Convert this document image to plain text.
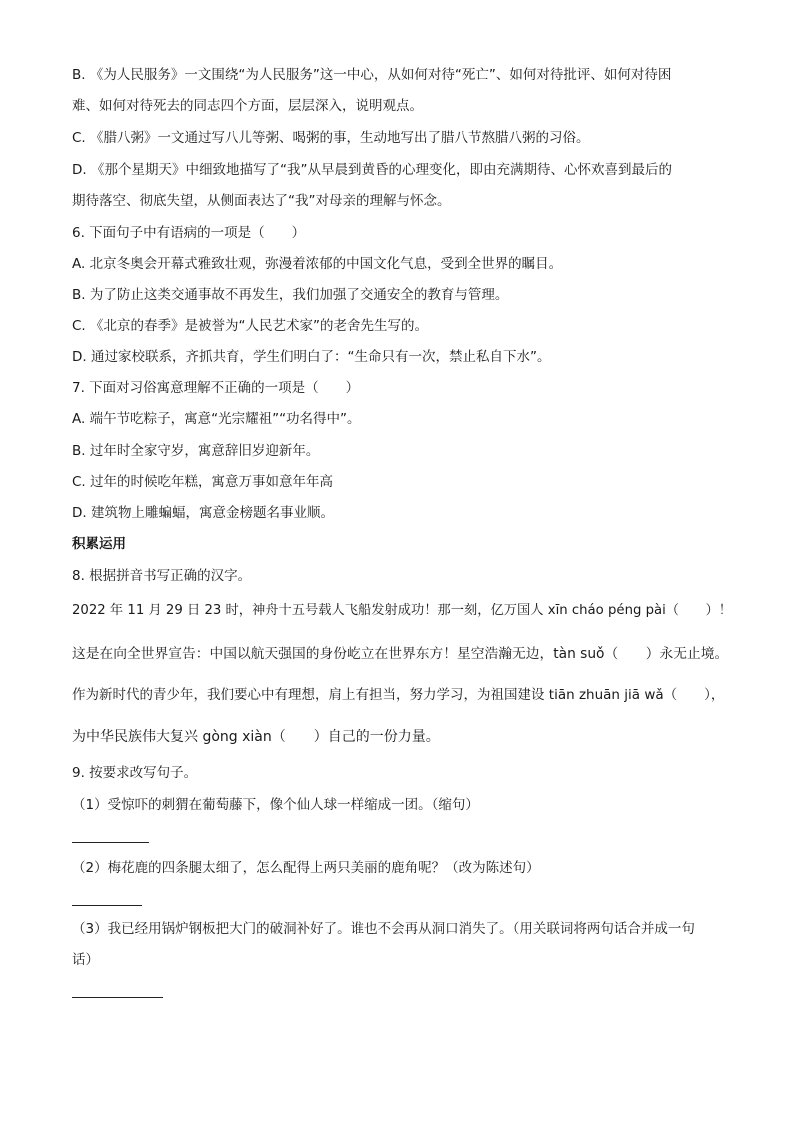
B. 《为人民服务》一文围绕“为人民服务”这一中心，从如何对待“死亡”、如何对待批评、如何对待困
难、如何对待死去的同志四个方面，层层深入，说明观点。
C. 《腊八粥》一文通过写八儿等粥、喝粥的事，生动地写出了腊八节熬腊八粥的习俗。
D. 《那个星期天》中细致地描写了“我”从早晨到黄昏的心理变化，即由充满期待、心怀欢喜到最后的
期待落空、彻底失望，从侧面表达了“我”对母亲的理解与怀念。
6. 下面句子中有语病的一项是（　　）
A. 北京冬奥会开幕式雅致壮观，弥漫着浓郁的中国文化气息，受到全世界的瞩目。
B. 为了防止这类交通事故不再发生，我们加强了交通安全的教育与管理。
C. 《北京的春季》是被誉为“人民艺术家”的老舍先生写的。
D. 通过家校联系，齐抓共育，学生们明白了：“生命只有一次，禁止私自下水”。
7. 下面对习俗寓意理解不正确的一项是（　　）
A. 端午节吃粽子，寓意“光宗耀祖”“功名得中”。
B. 过年时全家守岁，寓意辞旧岁迎新年。
C. 过年的时候吃年糕，寓意万事如意年年高
D. 建筑物上雕蝙蝠，寓意金榜题名事业顺。
积累运用
8. 根据拼音书写正确的汉字。
2022 年 11 月 29 日 23 时，神舟十五号载人飞船发射成功！那一刻，亿万国人 xīn cháo péng pài（　　）！
这是在向全世界宣告：中国以航天强国的身份屹立在世界东方！星空浩瀚无边，tàn suǒ（　　）永无止境。
作为新时代的青少年，我们要心中有理想，肩上有担当，努力学习，为祖国建设 tiān zhuān jiā wǎ（　　），
为中华民族伟大复兴 gòng xiàn（　　）自己的一份力量。
9. 按要求改写句子。
（1）受惊吓的刺猬在葡萄藤下，像个仙人球一样缩成一团。（缩句）
（2）梅花鹿的四条腿太细了，怎么配得上两只美丽的鹿角呢？（改为陈述句）
（3）我已经用锅炉钢板把大门的破洞补好了。谁也不会再从洞口消失了。（用关联词将两句话合并成一句
话）
